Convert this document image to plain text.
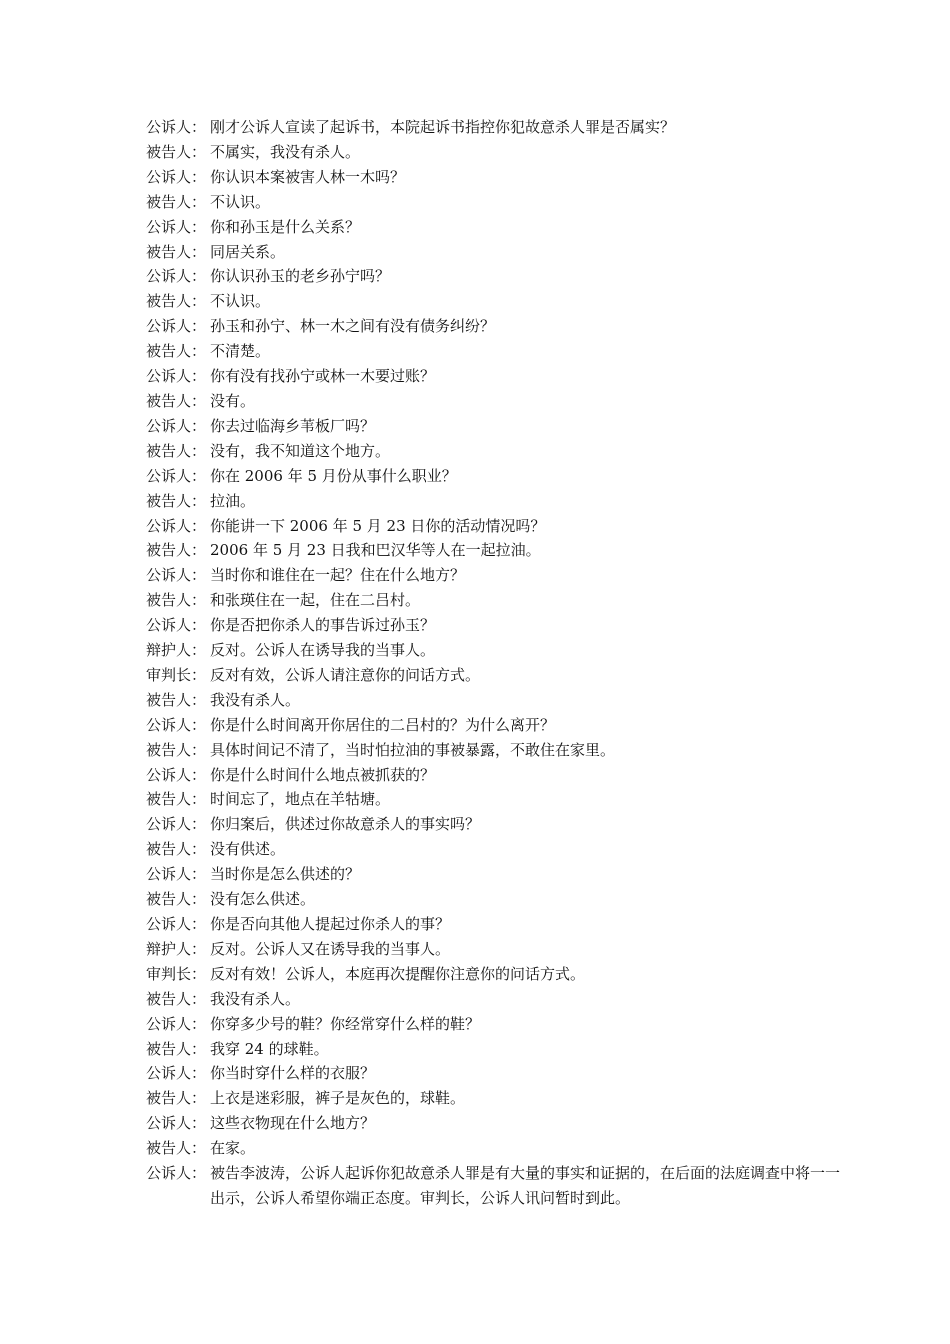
公诉人： 刚才公诉人宣读了起诉书，本院起诉书指控你犯故意杀人罪是否属实？
被告人： 不属实，我没有杀人。
公诉人： 你认识本案被害人林一木吗？
被告人： 不认识。
公诉人： 你和孙玉是什么关系？
被告人： 同居关系。
公诉人： 你认识孙玉的老乡孙宁吗？
被告人： 不认识。
公诉人： 孙玉和孙宁、林一木之间有没有债务纠纷？
被告人： 不清楚。
公诉人： 你有没有找孙宁或林一木要过账？
被告人： 没有。
公诉人： 你去过临海乡苇板厂吗？
被告人： 没有，我不知道这个地方。
公诉人： 你在 2006 年 5 月份从事什么职业？
被告人： 拉油。
公诉人： 你能讲一下 2006 年 5 月 23 日你的活动情况吗？
被告人： 2006 年 5 月 23 日我和巴汉华等人在一起拉油。
公诉人： 当时你和谁住在一起？住在什么地方？
被告人： 和张瑛住在一起，住在二吕村。
公诉人： 你是否把你杀人的事告诉过孙玉？
辩护人： 反对。公诉人在诱导我的当事人。
审判长： 反对有效，公诉人请注意你的问话方式。
被告人： 我没有杀人。
公诉人： 你是什么时间离开你居住的二吕村的？为什么离开？
被告人： 具体时间记不清了，当时怕拉油的事被暴露，不敢住在家里。
公诉人： 你是什么时间什么地点被抓获的？
被告人： 时间忘了，地点在羊牯塘。
公诉人： 你归案后，供述过你故意杀人的事实吗？
被告人： 没有供述。
公诉人： 当时你是怎么供述的？
被告人： 没有怎么供述。
公诉人： 你是否向其他人提起过你杀人的事？
辩护人： 反对。公诉人又在诱导我的当事人。
审判长： 反对有效！公诉人，本庭再次提醒你注意你的问话方式。
被告人： 我没有杀人。
公诉人： 你穿多少号的鞋？你经常穿什么样的鞋？
被告人： 我穿 24 的球鞋。
公诉人： 你当时穿什么样的衣服？
被告人： 上衣是迷彩服，裤子是灰色的，球鞋。
公诉人： 这些衣物现在什么地方？
被告人： 在家。
公诉人： 被告李波涛，公诉人起诉你犯故意杀人罪是有大量的事实和证据的，在后面的法庭调查中将一一出示，公诉人希望你端正态度。审判长，公诉人讯问暂时到此。
